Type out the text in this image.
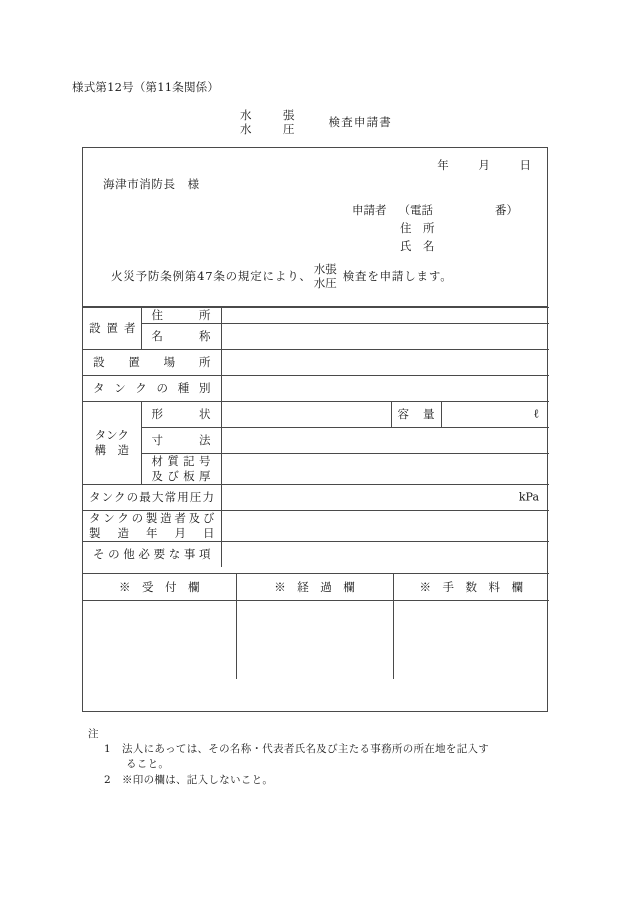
様式第12号（第11条関係）
水　張
水　圧 検査申請書
年	月	日
海津市消防長 様
申請者 （電話	番）
住　所
氏　名
火災予防条例第47条の規定により、
水張
水圧 検査を申請します。
設置者	住　　　所			

	名　　　称			

設置場所				

タンクの種別				

タンク
構　造	形　　状		容　量	ℓ

	寸　　法			

	材質記号
及び板厚			

タンクの最大常用圧力		kPa		

タンクの製造者及び
製　造　年　月　日				

その他必要な事項				

※　受　付　欄	※　経　過　欄	※　手　数　料　欄

注
1 法人にあっては、その名称・代表者氏名及び主たる事務所の所在地を記入す
ること。
2 ※印の欄は、記入しないこと。
